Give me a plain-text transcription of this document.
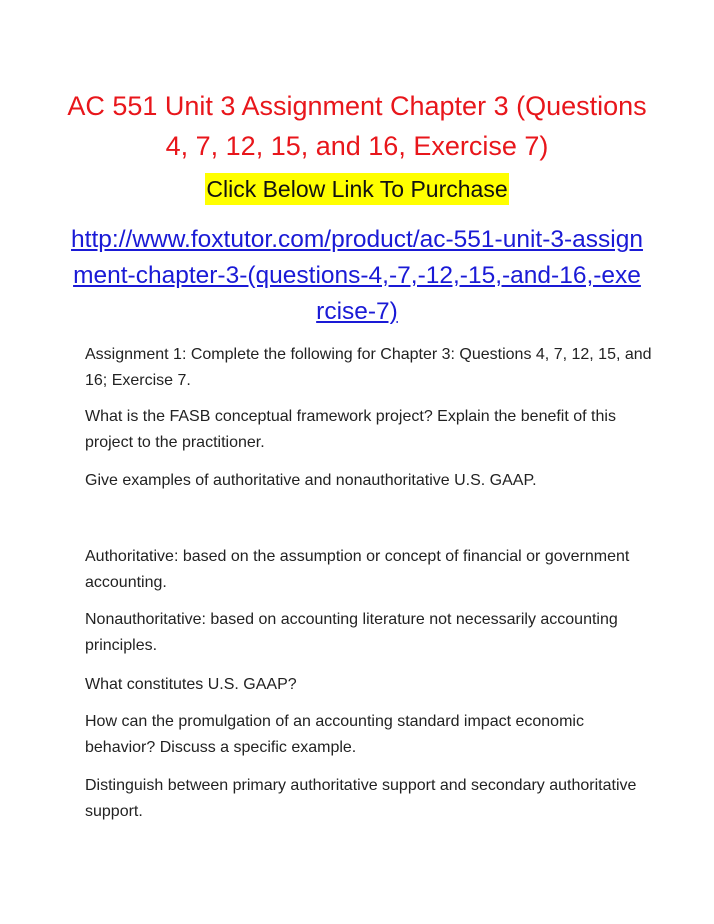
AC 551 Unit 3 Assignment Chapter 3 (Questions 4, 7, 12, 15, and 16, Exercise 7)
Click Below Link To Purchase
http://www.foxtutor.com/product/ac-551-unit-3-assignment-chapter-3-(questions-4,-7,-12,-15,-and-16,-exercise-7)

Assignment 1: Complete the following for Chapter 3: Questions 4, 7, 12, 15, and 16; Exercise 7.

What is the FASB conceptual framework project? Explain the benefit of this project to the practitioner.

Give examples of authoritative and nonauthoritative U.S. GAAP.

Authoritative: based on the assumption or concept of financial or government accounting.

Nonauthoritative: based on accounting literature not necessarily accounting principles.

What constitutes U.S. GAAP?

How can the promulgation of an accounting standard impact economic behavior? Discuss a specific example.

Distinguish between primary authoritative support and secondary authoritative support.
